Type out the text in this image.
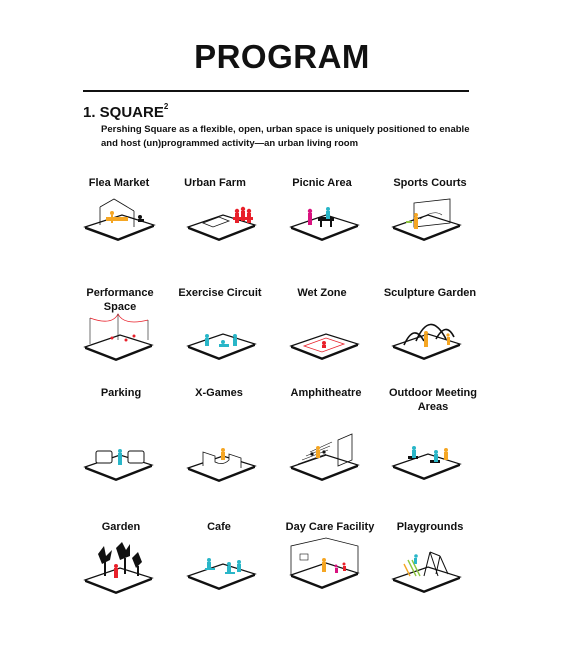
PROGRAM
1. SQUARE$^2$
Pershing Square as a flexible, open, urban space is uniquely positioned to enable and host (un)programmed activity—an urban living room
Flea Market	Urban Farm	Picnic Area	Sports Courts
Performance Space
Exercise Circuit	Wet Zone	Sculpture Garden
Parking	X-Games	Amphitheatre	Outdoor Meeting Areas
Garden	Cafe	Day Care Facility	Playgrounds
